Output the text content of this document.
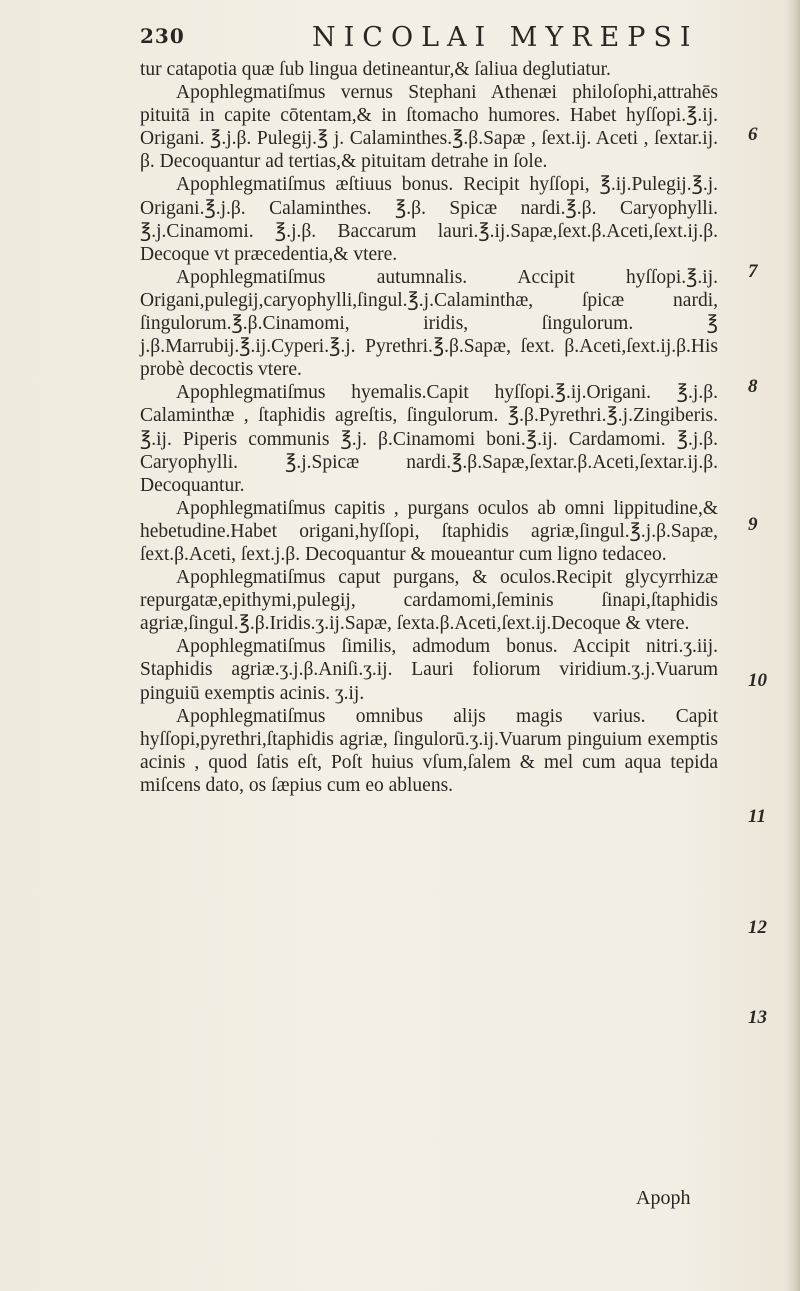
230	NICOLAI MYREPSI

tur catapotia quæ ſub lingua detineantur,& ſaliua deglutiatur.

Apophlegmatiſmus vernus Stephani Athenæi philoſophi,attrahēs pituitā in capite cōtentam,& in ſtomacho humores. Habet hyſſopi.℥.ij. Origani. ℥.j.β. Pulegij.℥ j. Calaminthes.℥.β.Sapæ , ſext.ij. Aceti , ſextar.ij. β. Decoquantur ad tertias,& pituitam detrahe in ſole.

Apophlegmatiſmus æſtiuus bonus. Recipit hyſſopi, ℥.ij.Pulegij.℥.j. Origani.℥.j.β. Calaminthes. ℥.β. Spicæ nardi.℥.β. Caryophylli. ℥.j.Cinamomi. ℥.j.β. Baccarum lauri.℥.ij.Sapæ,ſext.β.Aceti,ſext.ij.β. Decoque vt præcedentia,& vtere.

Apophlegmatiſmus autumnalis. Accipit hyſſopi.℥.ij. Origani,pulegij,caryophylli,ſingul.℥.j.Calaminthæ, ſpicæ nardi, ſingulorum.℥.β.Cinamomi, iridis, ſingulorum. ℥ j.β.Marrubij.℥.ij.Cyperi.℥.j. Pyrethri.℥.β.Sapæ, ſext. β.Aceti,ſext.ij.β.His probè decoctis vtere.

Apophlegmatiſmus hyemalis.Capit hyſſopi.℥.ij.Origani. ℥.j.β. Calaminthæ , ſtaphidis agreſtis, ſingulorum. ℥.β.Pyrethri.℥.j.Zingiberis. ℥.ij. Piperis communis ℥.j. β.Cinamomi boni.℥.ij. Cardamomi. ℥.j.β. Caryophylli. ℥.j.Spicæ nardi.℥.β.Sapæ,ſextar.β.Aceti,ſextar.ij.β. Decoquantur.

Apophlegmatiſmus capitis , purgans oculos ab omni lippitudine,& hebetudine.Habet origani,hyſſopi, ſtaphidis agriæ,ſingul.℥.j.β.Sapæ, ſext.β.Aceti, ſext.j.β. Decoquantur & moueantur cum ligno tedaceo.

Apophlegmatiſmus caput purgans, & oculos.Recipit glycyrrhizæ repurgatæ,epithymi,pulegij, cardamomi,ſeminis ſinapi,ſtaphidis agriæ,ſingul.℥.β.Iridis.ʒ.ij.Sapæ, ſexta.β.Aceti,ſext.ij.Decoque & vtere.

Apophlegmatiſmus ſimilis, admodum bonus. Accipit nitri.ʒ.iij. Staphidis agriæ.ʒ.j.β.Aniſi.ʒ.ij. Lauri foliorum viridium.ʒ.j.Vuarum pinguiū exemptis acinis. ʒ.ij.

Apophlegmatiſmus omnibus alijs magis varius. Capit hyſſopi,pyrethri,ſtaphidis agriæ, ſingulorū.ʒ.ij.Vuarum pinguium exemptis acinis , quod ſatis eſt, Poſt huius vſum,ſalem & mel cum aqua tepida miſcens dato, os ſæpius cum eo abluens.

6
7
8
9
10
11
12
13
Apoph
